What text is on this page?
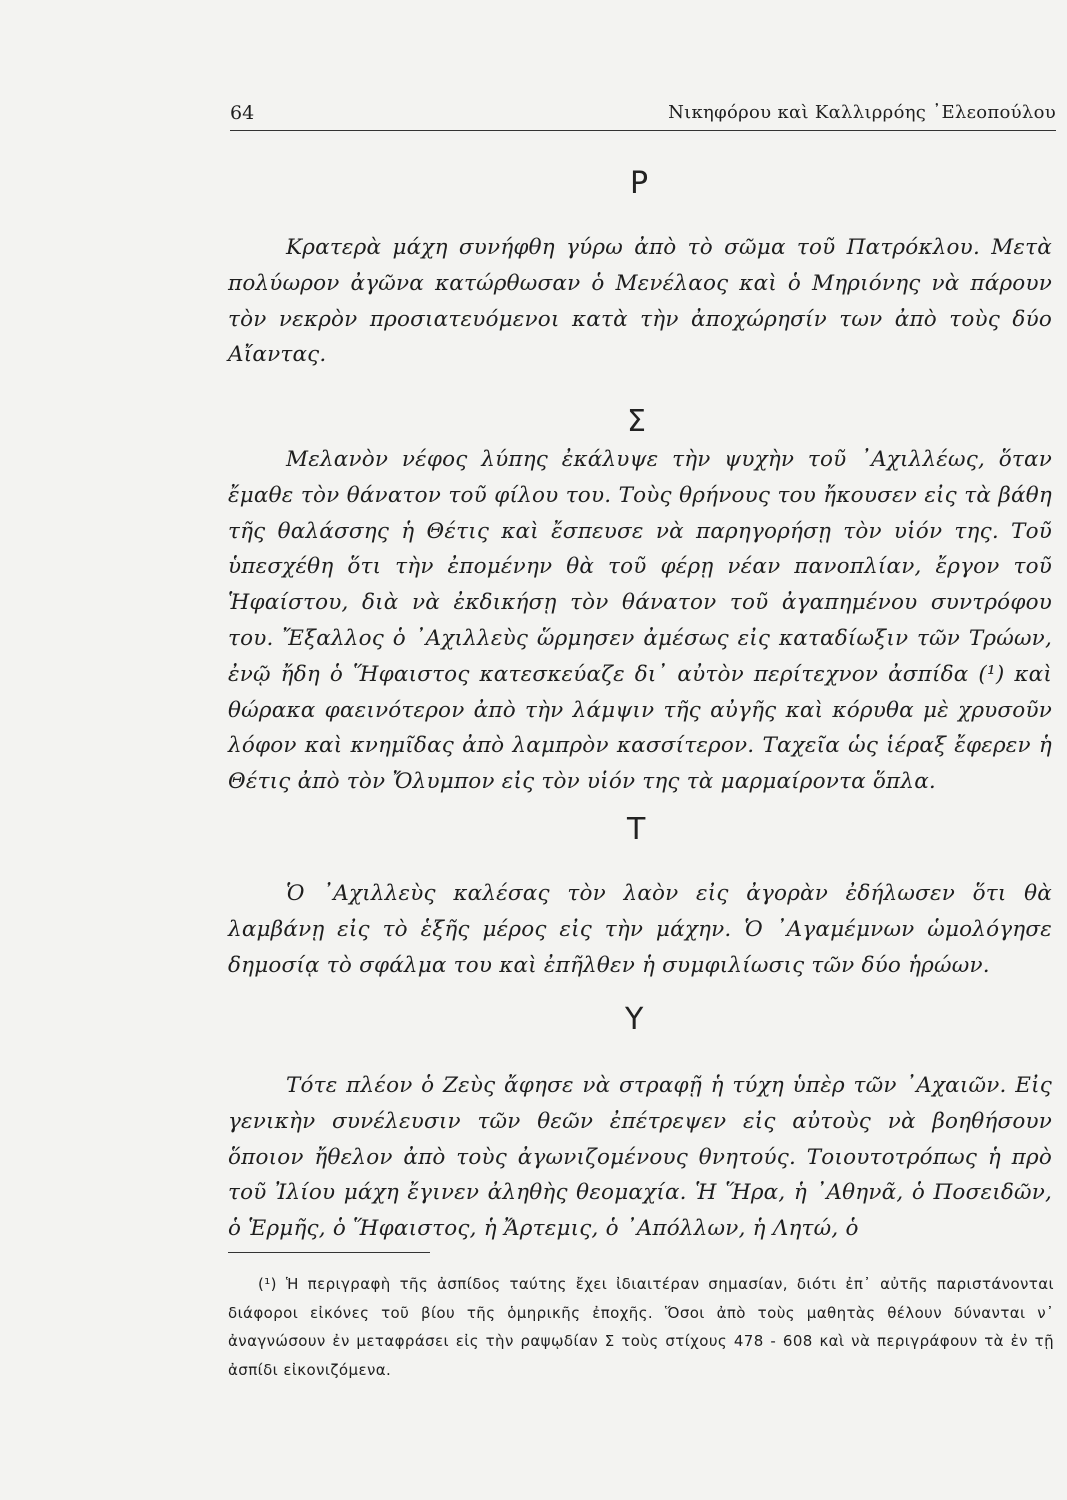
64	Νικηφόρου καὶ Καλλιρρόης ᾿Ελεοπούλου
P

Κρατερὰ μάχη συνήφθη γύρω ἀπὸ τὸ σῶμα τοῦ Πατρόκλου. Μετὰ πολύωρον ἀγῶνα κατώρθωσαν ὁ Μενέλαος καὶ ὁ Μηριόνης νὰ πάρουν τὸν νεκρὸν προσιατευόμενοι κατὰ τὴν ἀποχώρησίν των ἀπὸ τοὺς δύο Αἴαντας.

Σ

Μελανὸν νέφος λύπης ἐκάλυψε τὴν ψυχὴν τοῦ ᾿Αχιλλέως, ὅταν ἔμαθε τὸν θάνατον τοῦ φίλου του. Τοὺς θρήνους του ἤκουσεν εἰς τὰ βάθη τῆς θαλάσσης ἡ Θέτις καὶ ἔσπευσε νὰ παρηγορήσῃ τὸν υἱόν της. Τοῦ ὑπεσχέθη ὅτι τὴν ἐπομένην θὰ τοῦ φέρῃ νέαν πανοπλίαν, ἔργον τοῦ Ἡφαίστου, διὰ νὰ ἐκδικήσῃ τὸν θάνατον τοῦ ἀγαπημένου συντρόφου του. Ἔξαλλος ὁ ᾿Αχιλλεὺς ὥρμησεν ἀμέσως εἰς καταδίωξιν τῶν Τρώων, ἐνῷ ἤδη ὁ Ἥφαιστος κατεσκεύαζε δι᾿ αὐτὸν περίτεχνον ἀσπίδα (¹) καὶ θώρακα φαεινότερον ἀπὸ τὴν λάμψιν τῆς αὐγῆς καὶ κόρυθα μὲ χρυσοῦν λόφον καὶ κνημῖδας ἀπὸ λαμπρὸν κασσίτερον. Ταχεῖα ὡς ἱέραξ ἔφερεν ἡ Θέτις ἀπὸ τὸν Ὄλυμπον εἰς τὸν υἱόν της τὰ μαρμαίροντα ὅπλα.

T

Ὁ ᾿Αχιλλεὺς καλέσας τὸν λαὸν εἰς ἀγορὰν ἐδήλωσεν ὅτι θὰ λαμβάνῃ εἰς τὸ ἑξῆς μέρος εἰς τὴν μάχην. Ὁ ᾿Αγαμέμνων ὡμολόγησε δημοσίᾳ τὸ σφάλμα του καὶ ἐπῆλθεν ἡ συμφιλίωσις τῶν δύο ἡρώων.

Y

Τότε πλέον ὁ Ζεὺς ἄφησε νὰ στραφῇ ἡ τύχη ὑπὲρ τῶν ᾿Αχαιῶν. Εἰς γενικὴν συνέλευσιν τῶν θεῶν ἐπέτρεψεν εἰς αὐτοὺς νὰ βοηθήσουν ὅποιον ἤθελον ἀπὸ τοὺς ἀγωνιζομένους θνητούς. Τοιουτοτρόπως ἡ πρὸ τοῦ Ἰλίου μάχη ἔγινεν ἀληθὴς θεομαχία. Ἡ Ἥρα, ἡ ᾿Αθηνᾶ, ὁ Ποσειδῶν, ὁ Ἑρμῆς, ὁ Ἥφαιστος, ἡ Ἄρτεμις, ὁ ᾿Απόλλων, ἡ Λητώ, ὁ

(¹) Ἡ περιγραφὴ τῆς ἀσπίδος ταύτης ἔχει ἰδιαιτέραν σημασίαν, διότι ἐπ᾿ αὐτῆς παριστάνονται διάφοροι εἰκόνες τοῦ βίου τῆς ὁμηρικῆς ἐποχῆς. Ὅσοι ἀπὸ τοὺς μαθητὰς θέλουν δύνανται ν᾿ ἀναγνώσουν ἐν μεταφράσει εἰς τὴν ραψῳδίαν Σ τοὺς στίχους 478 - 608 καὶ νὰ περιγράφουν τὰ ἐν τῇ ἀσπίδι εἰκονιζόμενα.
